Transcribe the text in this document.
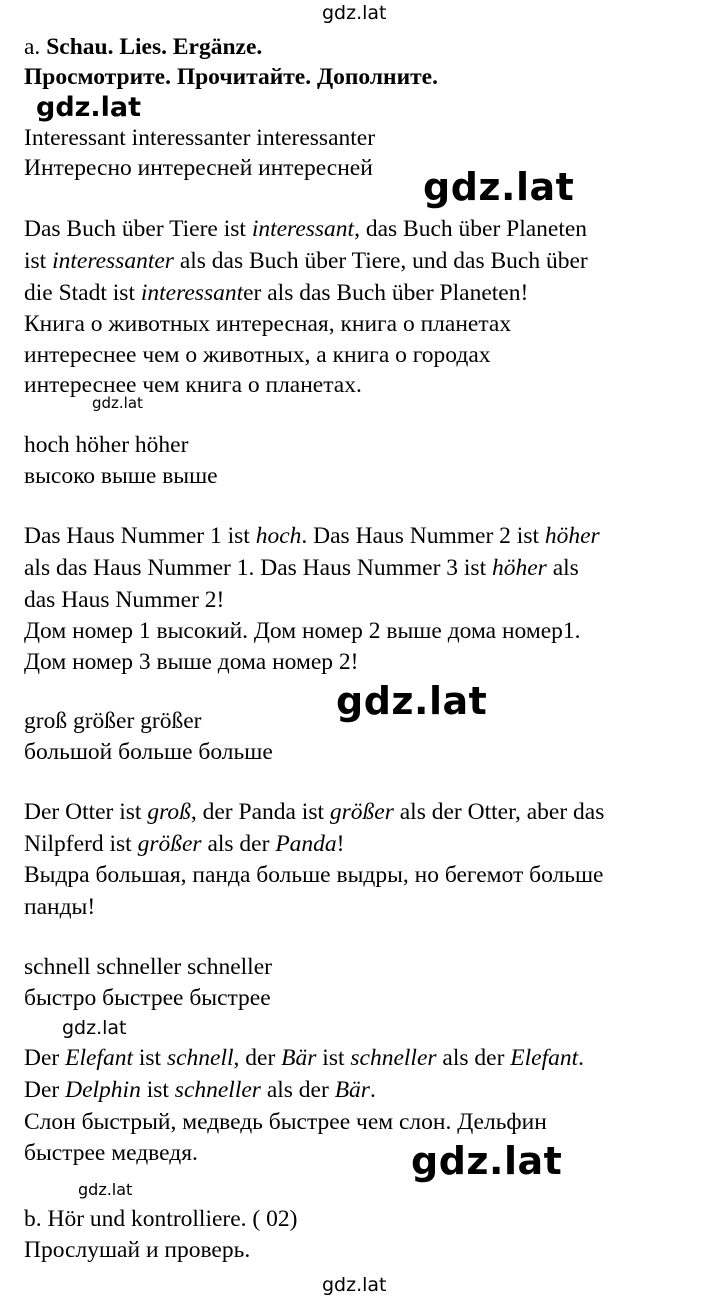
gdz.lat

gdz.lat

gdz.lat

gdz.lat

gdz.lat

gdz.lat

gdz.lat

gdz.lat

gdz.lat

a. Schau. Lies. Ergänze.

Просмотрите. Прочитайте. Дополните.

Interessant interessanter interessanter

Интересно интересней интересней

Das Buch über Tiere ist interessant, das Buch über Planeten

ist interessanter als das Buch über Tiere, und das Buch über

die Stadt ist interessanter als das Buch über Planeten!

Книга о животных интересная, книга о планетах

интереснее чем о животных, а книга о городах

интереснее чем книга о планетах.

hoch höher höher

высоко выше выше

Das Haus Nummer 1 ist hoch. Das Haus Nummer 2 ist höher

als das Haus Nummer 1. Das Haus Nummer 3 ist höher als

das Haus Nummer 2!

Дом номер 1 высокий. Дом номер 2 выше дома номер1.

Дом номер 3 выше дома номер 2!

groß größer größer

большой больше больше

Der Otter ist groß, der Panda ist größer als der Otter, aber das

Nilpferd ist größer als der Panda!

Выдра большая, панда больше выдры, но бегемот больше

панды!

schnell schneller schneller

быстро быстрее быстрее

Der Elefant ist schnell, der Bär ist schneller als der Elefant.

Der Delphin ist schneller als der Bär.

Слон быстрый, медведь быстрее чем слон. Дельфин

быстрее медведя.

b. Hör und kontrolliere. ( 02)

Прослушай и проверь.
